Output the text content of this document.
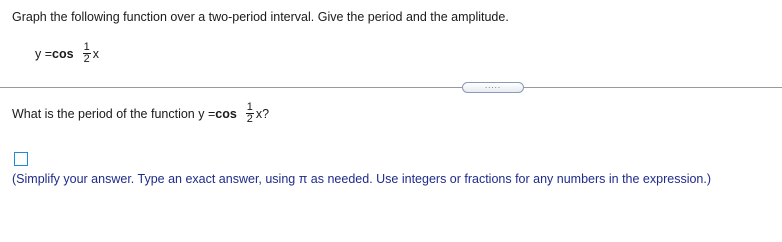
Graph the following function over a two-period interval. Give the period and the amplitude.
$y = \cos \frac{1}{2}$ x
.....
What is the period of the function $y = \cos \frac{1}{2}$ x ?
(Simplify your answer. Type an exact answer, using π as needed. Use integers or fractions for any numbers in the expression.)
